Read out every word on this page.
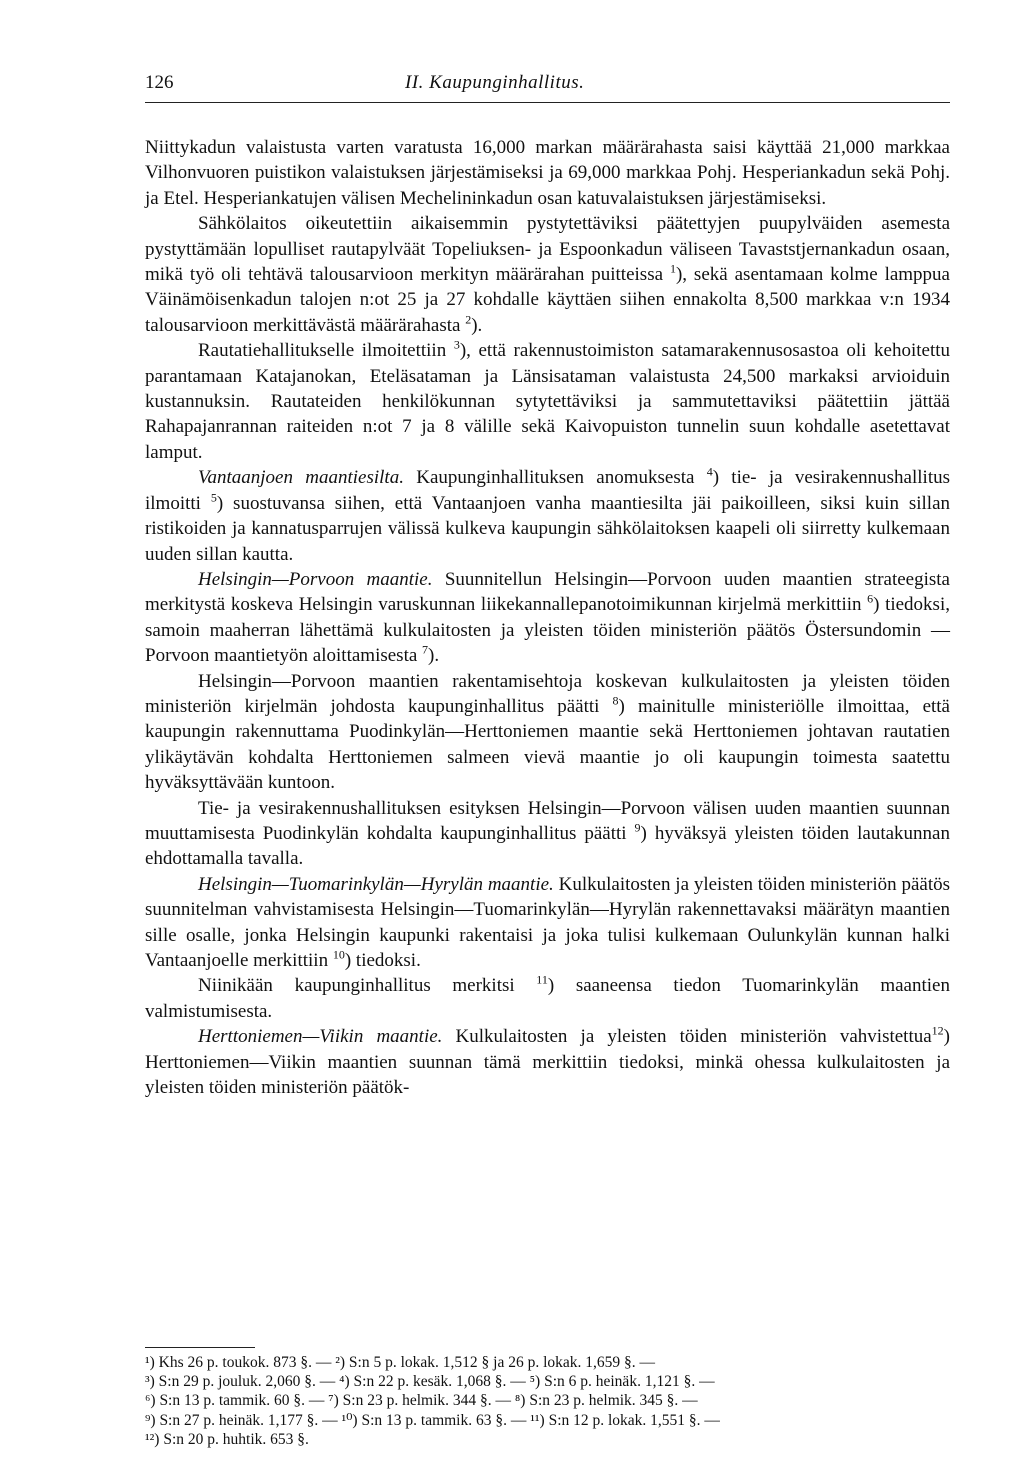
126	II. Kaupunginhallitus.

Niittykadun valaistusta varten varatusta 16,000 markan määrärahasta saisi käyttää 21,000 markkaa Vilhonvuoren puistikon valaistuksen järjestämiseksi ja 69,000 markkaa Pohj. Hesperiankadun sekä Pohj. ja Etel. Hesperiankatujen välisen Mechelininkadun osan katuvalaistuksen järjestämiseksi.

Sähkölaitos oikeutettiin aikaisemmin pystytettäviksi päätettyjen puupylväiden asemesta pystyttämään lopulliset rautapylväät Topeliuksen- ja Espoonkadun väliseen Tavaststjernankadun osaan, mikä työ oli tehtävä talousarvioon merkityn määrärahan puitteissa $^1$), sekä asentamaan kolme lamppua Väinämöisenkadun talojen n:ot 25 ja 27 kohdalle käyttäen siihen ennakolta 8,500 markkaa v:n 1934 talousarvioon merkittävästä määrärahasta $^2$).

Rautatiehallitukselle ilmoitettiin $^3$), että rakennustoimiston satamarakennusosastoa oli kehoitettu parantamaan Katajanokan, Eteläsataman ja Länsisataman valaistusta 24,500 markaksi arvioiduin kustannuksin. Rautateiden henkilökunnan sytytettäviksi ja sammutettaviksi päätettiin jättää Rahapajanrannan raiteiden n:ot 7 ja 8 välille sekä Kaivopuiston tunnelin suun kohdalle asetettavat lamput.

Vantaanjoen maantiesilta. Kaupunginhallituksen anomuksesta $^4$) tie- ja vesirakennushallitus ilmoitti $^5$) suostuvansa siihen, että Vantaanjoen vanha maantiesilta jäi paikoilleen, siksi kuin sillan ristikoiden ja kannatusparrujen välissä kulkeva kaupungin sähkölaitoksen kaapeli oli siirretty kulkemaan uuden sillan kautta.

Helsingin—Porvoon maantie. Suunnitellun Helsingin—Porvoon uuden maantien strateegista merkitystä koskeva Helsingin varuskunnan liikekannallepanotoimikunnan kirjelmä merkittiin $^6$) tiedoksi, samoin maaherran lähettämä kulkulaitosten ja yleisten töiden ministeriön päätös Östersundomin —Porvoon maantietyön aloittamisesta $^7$).

Helsingin—Porvoon maantien rakentamisehtoja koskevan kulkulaitosten ja yleisten töiden ministeriön kirjelmän johdosta kaupunginhallitus päätti $^8$) mainitulle ministeriölle ilmoittaa, että kaupungin rakennuttama Puodinkylän—Herttoniemen maantie sekä Herttoniemen johtavan rautatien ylikäytävän kohdalta Herttoniemen salmeen vievä maantie jo oli kaupungin toimesta saatettu hyväksyttävään kuntoon.

Tie- ja vesirakennushallituksen esityksen Helsingin—Porvoon välisen uuden maantien suunnan muuttamisesta Puodinkylän kohdalta kaupunginhallitus päätti $^9$) hyväksyä yleisten töiden lautakunnan ehdottamalla tavalla.

Helsingin—Tuomarinkylän—Hyrylän maantie. Kulkulaitosten ja yleisten töiden ministeriön päätös suunnitelman vahvistamisesta Helsingin—Tuomarinkylän—Hyrylän rakennettavaksi määrätyn maantien sille osalle, jonka Helsingin kaupunki rakentaisi ja joka tulisi kulkemaan Oulunkylän kunnan halki Vantaanjoelle merkittiin $^{10}$) tiedoksi.

Niinikään kaupunginhallitus merkitsi $^{11}$) saaneensa tiedon Tuomarinkylän maantien valmistumisesta.

Herttoniemen—Viikin maantie. Kulkulaitosten ja yleisten töiden ministeriön vahvistettua$^{12}$) Herttoniemen—Viikin maantien suunnan tämä merkittiin tiedoksi, minkä ohessa kulkulaitosten ja yleisten töiden ministeriön päätök-

¹) Khs 26 p. toukok. 873 §. — ²) S:n 5 p. lokak. 1,512 § ja 26 p. lokak. 1,659 §. —
³) S:n 29 p. jouluk. 2,060 §. — ⁴) S:n 22 p. kesäk. 1,068 §. — ⁵) S:n 6 p. heinäk. 1,121 §. —
⁶) S:n 13 p. tammik. 60 §. — ⁷) S:n 23 p. helmik. 344 §. — ⁸) S:n 23 p. helmik. 345 §. —
⁹) S:n 27 p. heinäk. 1,177 §. — ¹⁰) S:n 13 p. tammik. 63 §. — ¹¹) S:n 12 p. lokak. 1,551 §. —
¹²) S:n 20 p. huhtik. 653 §.
